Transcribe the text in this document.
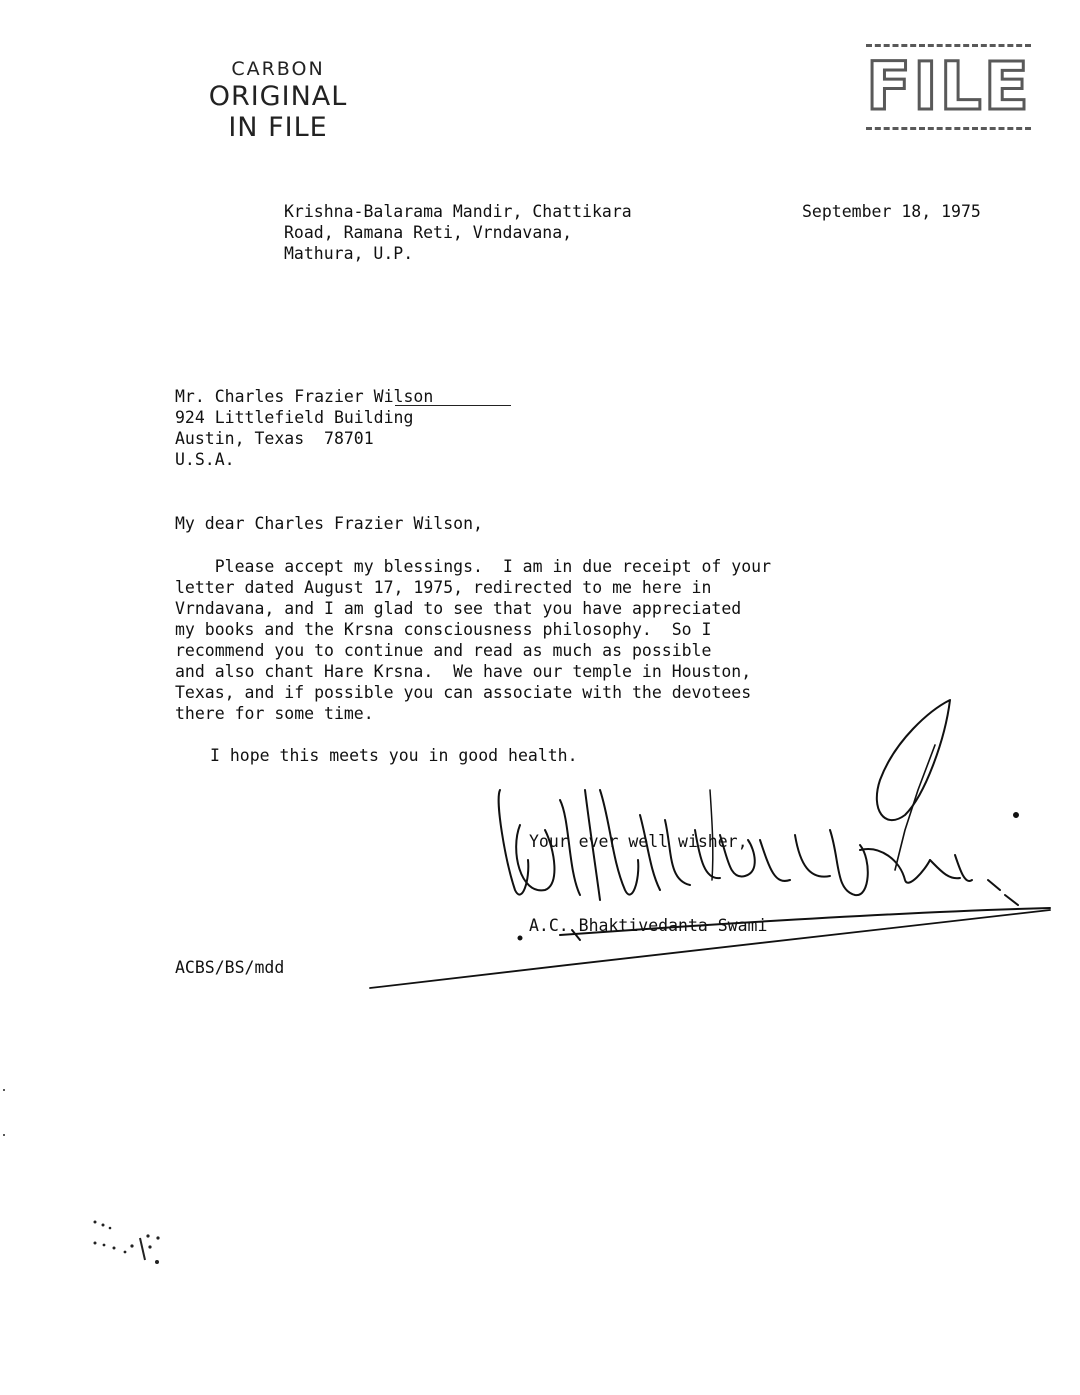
CARBON
ORIGINAL
IN FILE
FILE
Krishna-Balarama Mandir, Chattikara
Road, Ramana Reti, Vrndavana,
Mathura, U.P.
September 18, 1975
Mr. Charles Frazier Wilson
924 Littlefield Building
Austin, Texas  78701
U.S.A.
My dear Charles Frazier Wilson,
Please accept my blessings.  I am in due receipt of your
letter dated August 17, 1975, redirected to me here in
Vrndavana, and I am glad to see that you have appreciated
my books and the Krsna consciousness philosophy.  So I
recommend you to continue and read as much as possible
and also chant Hare Krsna.  We have our temple in Houston,
Texas, and if possible you can associate with the devotees
there for some time.
I hope this meets you in good health.
Your ever well wisher,
A.C. Bhaktivedanta Swami
ACBS/BS/mdd
